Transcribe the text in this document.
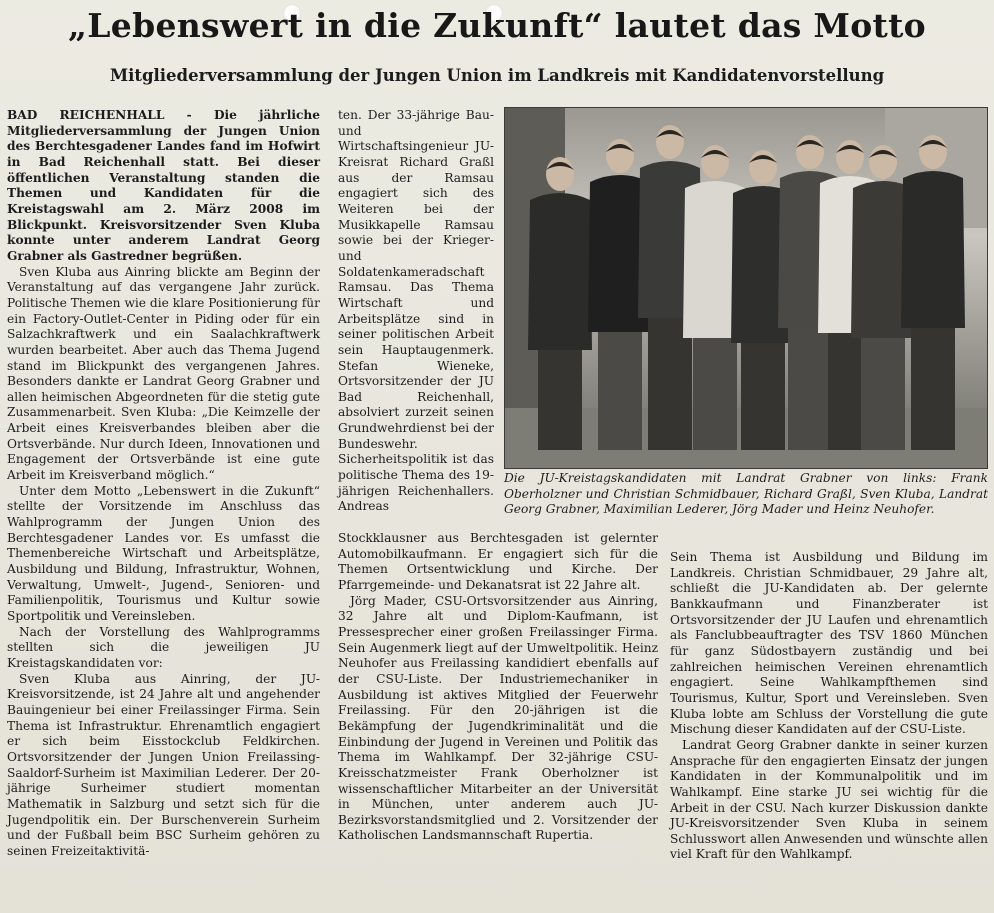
„Lebenswert in die Zukunft“ lautet das Motto
Mitgliederversammlung der Jungen Union im Landkreis mit Kandidatenvorstellung

BAD REICHENHALL - Die jährliche Mitgliederversammlung der Jungen Union des Berchtesgadener Landes fand im Hofwirt in Bad Reichenhall statt. Bei dieser öffentlichen Veranstaltung standen die Themen und Kandidaten für die Kreistagswahl am 2. März 2008 im Blickpunkt. Kreisvorsitzender Sven Kluba konnte unter anderem Landrat Georg Grabner als Gastredner begrüßen.

Sven Kluba aus Ainring blickte am Beginn der Veranstaltung auf das vergangene Jahr zurück. Politische Themen wie die klare Positionierung für ein Factory-Outlet-Center in Piding oder für ein Salzachkraftwerk und ein Saalachkraftwerk wurden bearbeitet. Aber auch das Thema Jugend stand im Blickpunkt des vergangenen Jahres. Besonders dankte er Landrat Georg Grabner und allen heimischen Abgeordneten für die stetig gute Zusammenarbeit. Sven Kluba: „Die Keimzelle der Arbeit eines Kreisverbandes bleiben aber die Ortsverbände. Nur durch Ideen, Innovationen und Engagement der Ortsverbände ist eine gute Arbeit im Kreisverband möglich.“

Unter dem Motto „Lebenswert in die Zukunft“ stellte der Vorsitzende im Anschluss das Wahlprogramm der Jungen Union des Berchtesgadener Landes vor. Es umfasst die Themenbereiche Wirtschaft und Arbeitsplätze, Ausbildung und Bildung, Infrastruktur, Wohnen, Verwaltung, Umwelt-, Jugend-, Senioren- und Familienpolitik, Tourismus und Kultur sowie Sportpolitik und Vereinsleben.

Nach der Vorstellung des Wahlprogramms stellten sich die jeweiligen JU Kreistagskandidaten vor:

Sven Kluba aus Ainring, der JU-Kreisvorsitzende, ist 24 Jahre alt und angehender Bauingenieur bei einer Freilassinger Firma. Sein Thema ist Infrastruktur. Ehrenamtlich engagiert er sich beim Eisstockclub Feldkirchen. Ortsvorsitzender der Jungen Union Freilassing-Saaldorf-Surheim ist Maximilian Lederer. Der 20-jährige Surheimer studiert momentan Mathematik in Salzburg und setzt sich für die Jugendpolitik ein. Der Burschenverein Surheim und der Fußball beim BSC Surheim gehören zu seinen Freizeitaktivitä-

ten. Der 33-jährige Bau- und Wirtschaftsingenieur JU-Kreisrat Richard Graßl aus der Ramsau engagiert sich des Weiteren bei der Musikkapelle Ramsau sowie bei der Krieger- und Soldatenkameradschaft Ramsau. Das Thema Wirtschaft und Arbeitsplätze sind in seiner politischen Arbeit sein Hauptaugenmerk. Stefan Wieneke, Ortsvorsitzender der JU Bad Reichenhall, absolviert zurzeit seinen Grundwehrdienst bei der Bundeswehr. Sicherheitspolitik ist das politische Thema des 19-jährigen Reichenhallers. Andreas

Die JU-Kreistagskandidaten mit Landrat Grabner von links: Frank Oberholzner und Christian Schmidbauer, Richard Graßl, Sven Kluba, Landrat Georg Grabner, Maximilian Lederer, Jörg Mader und Heinz Neuhofer.

Stockklausner aus Berchtesgaden ist gelernter Automobilkaufmann. Er engagiert sich für die Themen Ortsentwicklung und Kirche. Der Pfarrgemeinde- und Dekanatsrat ist 22 Jahre alt.

Jörg Mader, CSU-Ortsvorsitzender aus Ainring, 32 Jahre alt und Diplom-Kaufmann, ist Pressesprecher einer großen Freilassinger Firma. Sein Augenmerk liegt auf der Umweltpolitik. Heinz Neuhofer aus Freilassing kandidiert ebenfalls auf der CSU-Liste. Der Industriemechaniker in Ausbildung ist aktives Mitglied der Feuerwehr Freilassing. Für den 20-jährigen ist die Bekämpfung der Jugendkriminalität und die Einbindung der Jugend in Vereinen und Politik das Thema im Wahlkampf. Der 32-jährige CSU-Kreisschatzmeister Frank Oberholzner ist wissenschaftlicher Mitarbeiter an der Universität in München, unter anderem auch JU-Bezirksvorstandsmitglied und 2. Vorsitzender der Katholischen Landsmannschaft Rupertia.

Sein Thema ist Ausbildung und Bildung im Landkreis. Christian Schmidbauer, 29 Jahre alt, schließt die JU-Kandidaten ab. Der gelernte Bankkaufmann und Finanzberater ist Ortsvorsitzender der JU Laufen und ehrenamtlich als Fanclubbeauftragter des TSV 1860 München für ganz Südostbayern zuständig und bei zahlreichen heimischen Vereinen ehrenamtlich engagiert. Seine Wahlkampfthemen sind Tourismus, Kultur, Sport und Vereinsleben. Sven Kluba lobte am Schluss der Vorstellung die gute Mischung dieser Kandidaten auf der CSU-Liste.

Landrat Georg Grabner dankte in seiner kurzen Ansprache für den engagierten Einsatz der jungen Kandidaten in der Kommunalpolitik und im Wahlkampf. Eine starke JU sei wichtig für die Arbeit in der CSU. Nach kurzer Diskussion dankte JU-Kreisvorsitzender Sven Kluba in seinem Schlusswort allen Anwesenden und wünschte allen viel Kraft für den Wahlkampf.
